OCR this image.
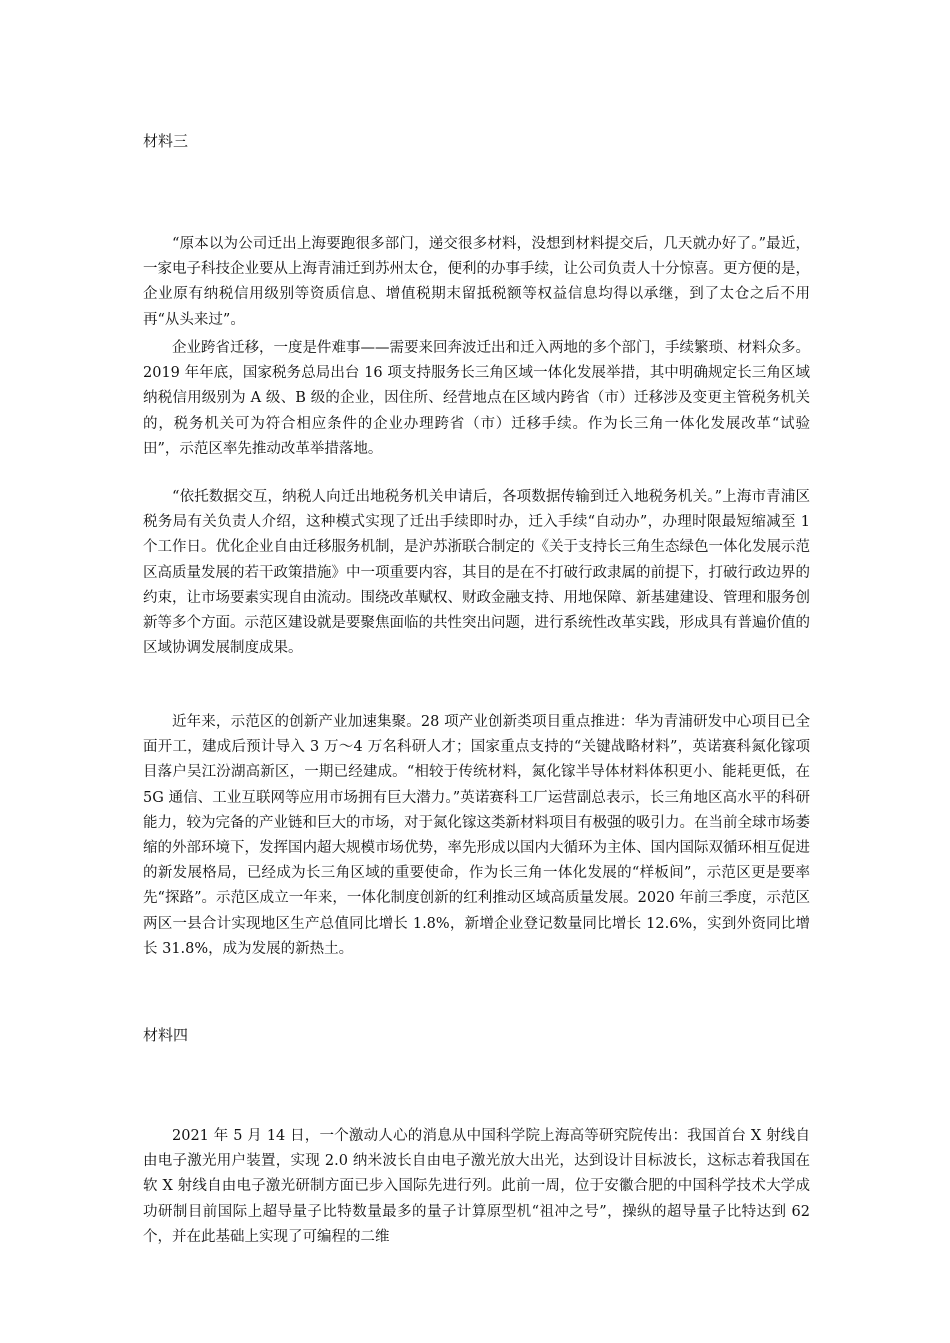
材料三

“原本以为公司迁出上海要跑很多部门，递交很多材料，没想到材料提交后，几天就办好了。”最近，一家电子科技企业要从上海青浦迁到苏州太仓，便利的办事手续，让公司负责人十分惊喜。更方便的是，企业原有纳税信用级别等资质信息、增值税期末留抵税额等权益信息均得以承继，到了太仓之后不用再“从头来过”。

企业跨省迁移，一度是件难事——需要来回奔波迁出和迁入两地的多个部门，手续繁琐、材料众多。2019 年年底，国家税务总局出台 16 项支持服务长三角区域一体化发展举措，其中明确规定长三角区域纳税信用级别为 A 级、B 级的企业，因住所、经营地点在区域内跨省（市）迁移涉及变更主管税务机关的，税务机关可为符合相应条件的企业办理跨省（市）迁移手续。作为长三角一体化发展改革“试验田”，示范区率先推动改革举措落地。

“依托数据交互，纳税人向迁出地税务机关申请后，各项数据传输到迁入地税务机关。”上海市青浦区税务局有关负责人介绍，这种模式实现了迁出手续即时办，迁入手续“自动办”，办理时限最短缩减至 1 个工作日。优化企业自由迁移服务机制，是沪苏浙联合制定的《关于支持长三角生态绿色一体化发展示范区高质量发展的若干政策措施》中一项重要内容，其目的是在不打破行政隶属的前提下，打破行政边界的约束，让市场要素实现自由流动。围绕改革赋权、财政金融支持、用地保障、新基建建设、管理和服务创新等多个方面。示范区建设就是要聚焦面临的共性突出问题，进行系统性改革实践，形成具有普遍价值的区域协调发展制度成果。

近年来，示范区的创新产业加速集聚。28 项产业创新类项目重点推进：华为青浦研发中心项目已全面开工，建成后预计导入 3 万～4 万名科研人才；国家重点支持的“关键战略材料”，英诺赛科氮化镓项目落户吴江汾湖高新区，一期已经建成。“相较于传统材料，氮化镓半导体材料体积更小、能耗更低，在 5G 通信、工业互联网等应用市场拥有巨大潜力。”英诺赛科工厂运营副总表示，长三角地区高水平的科研能力，较为完备的产业链和巨大的市场，对于氮化镓这类新材料项目有极强的吸引力。在当前全球市场萎缩的外部环境下，发挥国内超大规模市场优势，率先形成以国内大循环为主体、国内国际双循环相互促进的新发展格局，已经成为长三角区域的重要使命，作为长三角一体化发展的“样板间”，示范区更是要率先“探路”。示范区成立一年来，一体化制度创新的红利推动区域高质量发展。2020 年前三季度，示范区两区一县合计实现地区生产总值同比增长 1.8%，新增企业登记数量同比增长 12.6%，实到外资同比增长 31.8%，成为发展的新热土。

材料四

2021 年 5 月 14 日，一个激动人心的消息从中国科学院上海高等研究院传出：我国首台 X 射线自由电子激光用户装置，实现 2.0 纳米波长自由电子激光放大出光，达到设计目标波长，这标志着我国在软 X 射线自由电子激光研制方面已步入国际先进行列。此前一周，位于安徽合肥的中国科学技术大学成功研制目前国际上超导量子比特数量最多的量子计算原型机“祖冲之号”，操纵的超导量子比特达到 62 个，并在此基础上实现了可编程的二维
